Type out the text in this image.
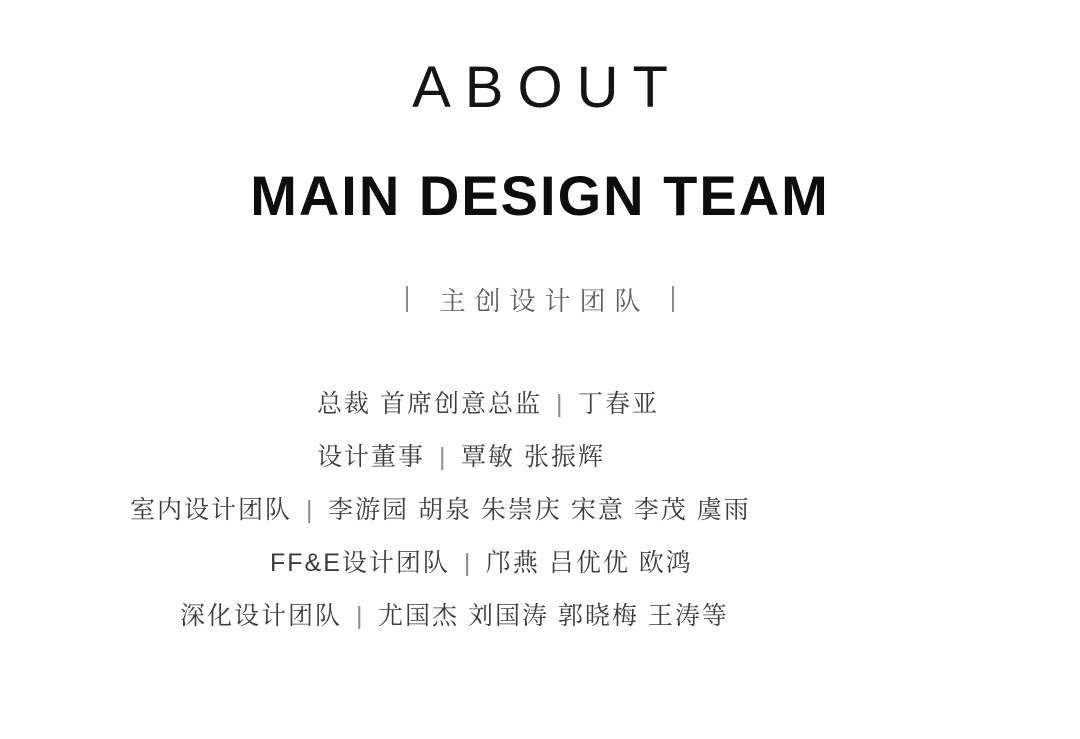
ABOUT
MAIN DESIGN TEAM
主创设计团队
总裁 首席创意总监 | 丁春亚
设计董事 | 覃敏 张振辉
室内设计团队 | 李游园 胡泉 朱崇庆 宋意 李茂 虞雨
FF&E设计团队 | 邝燕 吕优优 欧鸿
深化设计团队 | 尤国杰 刘国涛 郭晓梅 王涛等
